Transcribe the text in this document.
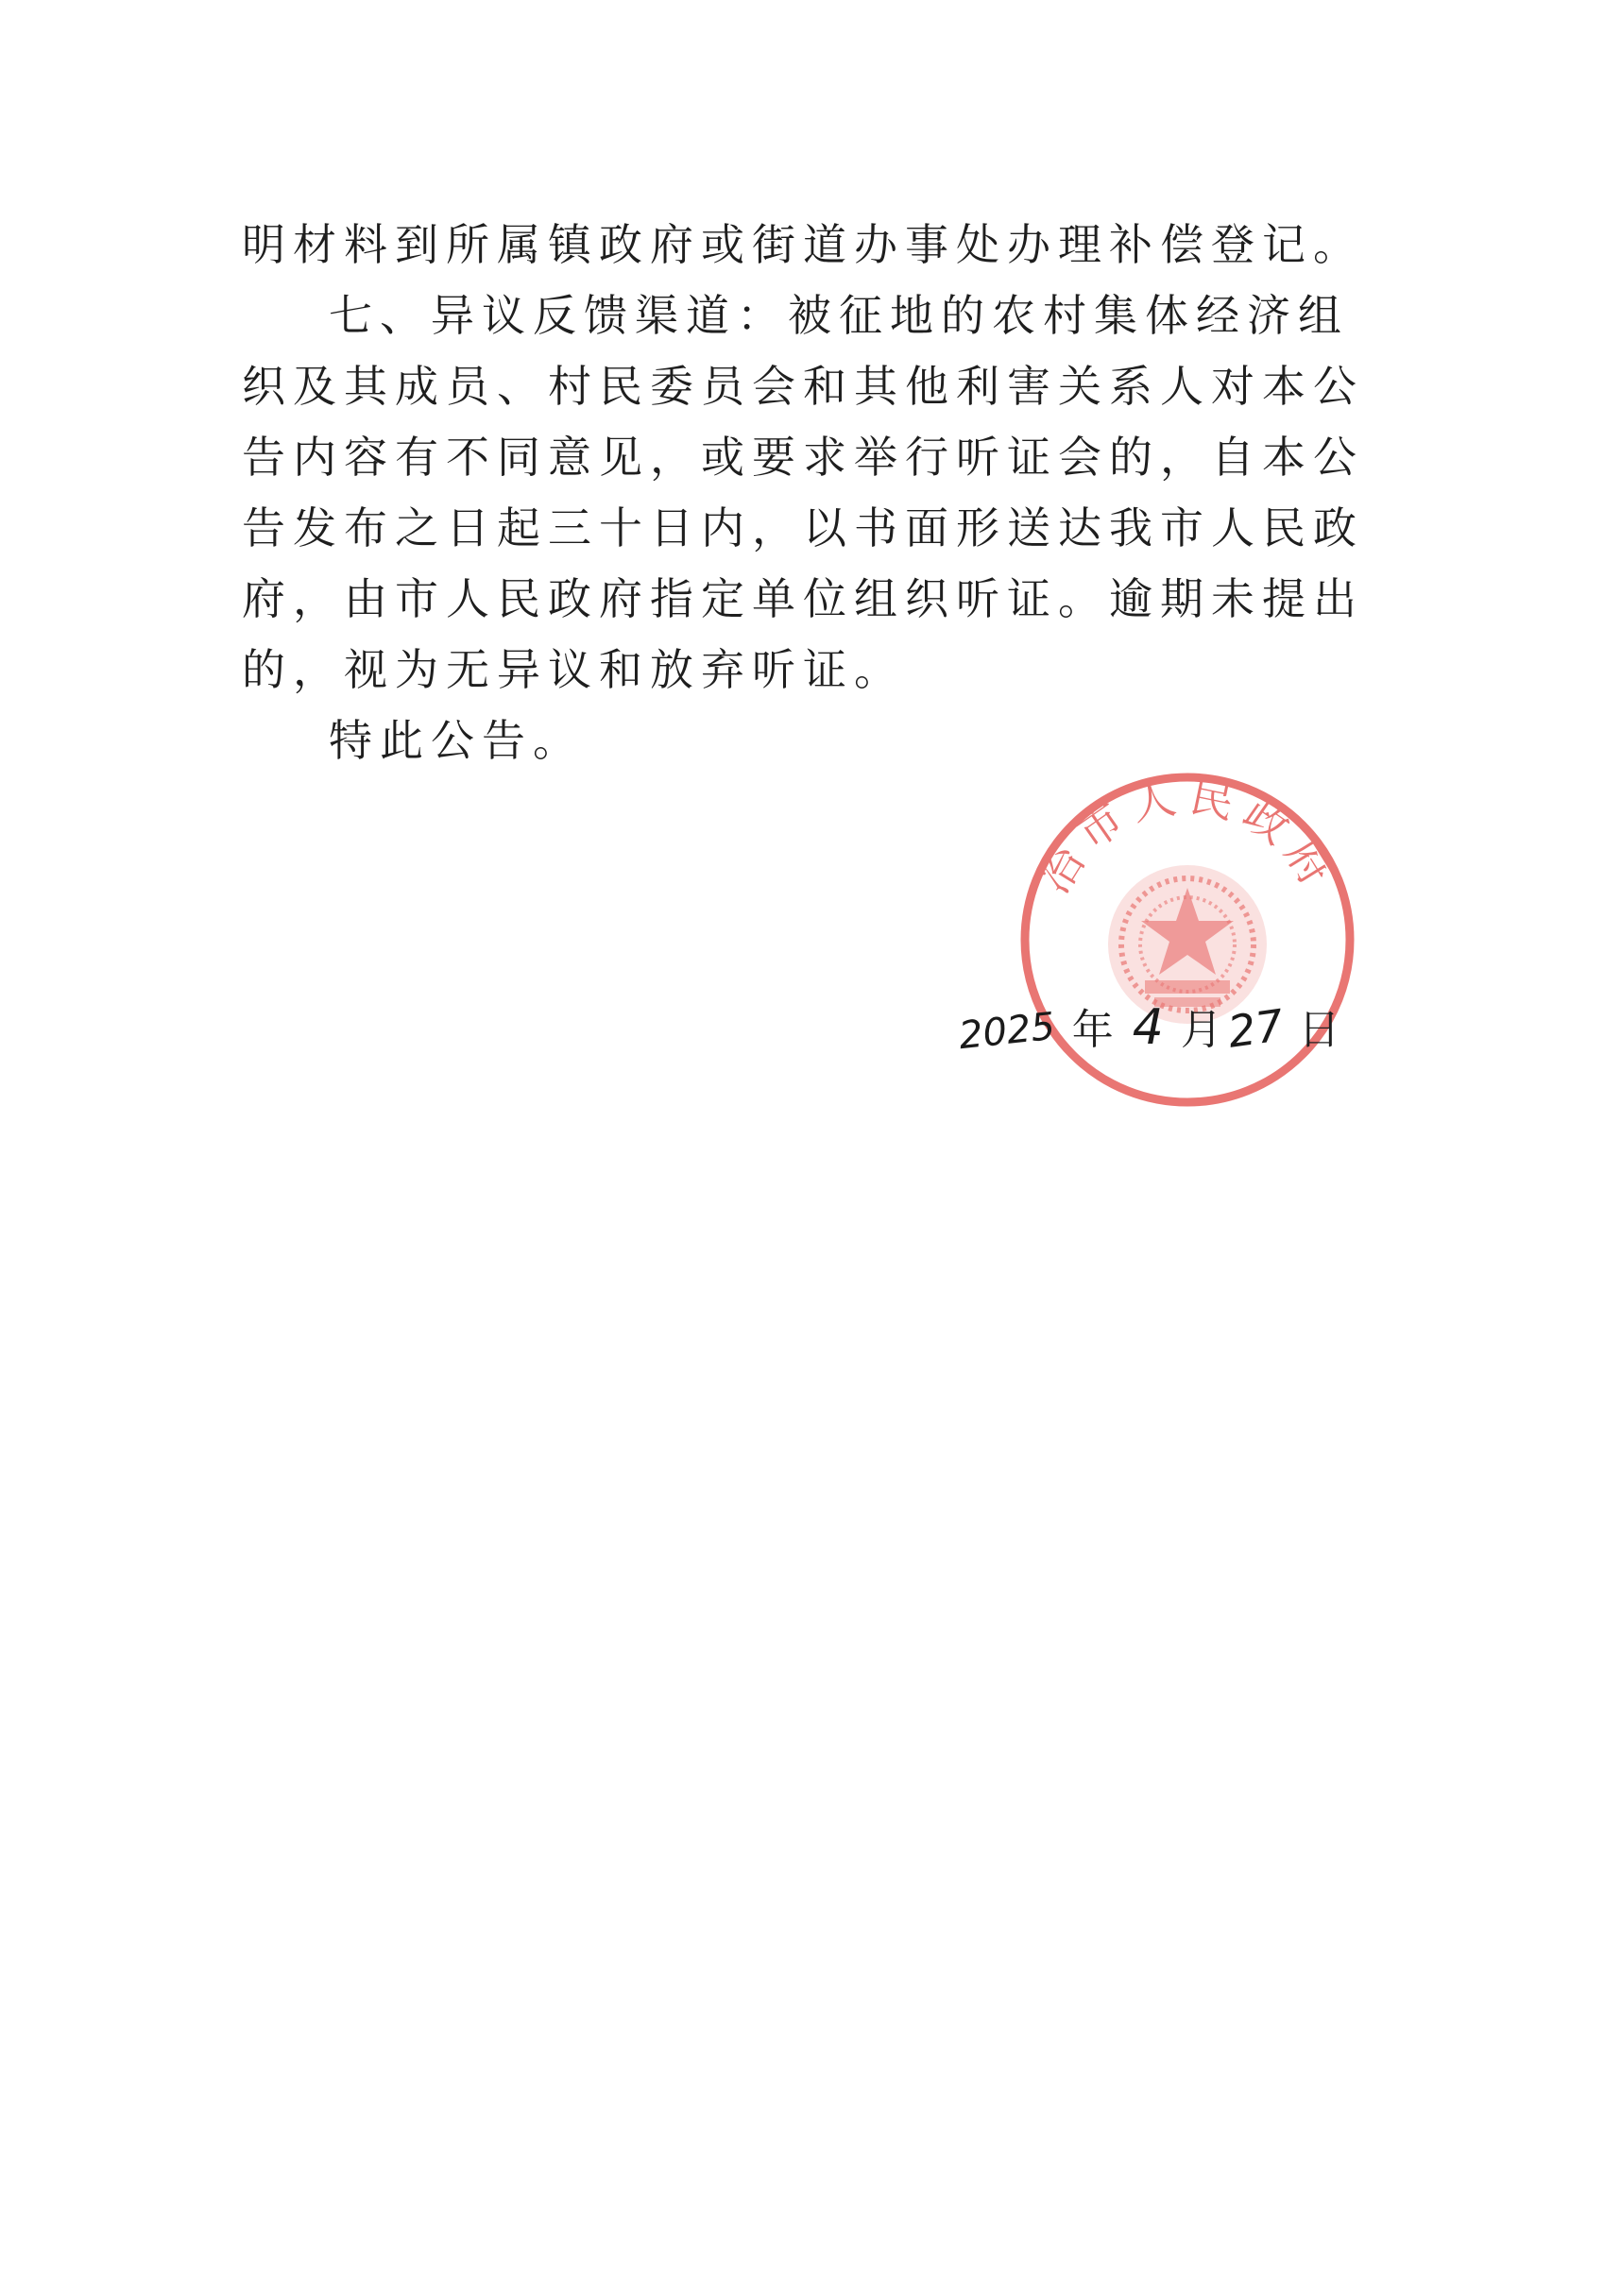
明材料到所属镇政府或街道办事处办理补偿登记。

七、异议反馈渠道：被征地的农村集体经济组织及其成员、村民委员会和其他利害关系人对本公告内容有不同意见，或要求举行听证会的，自本公告发布之日起三十日内，以书面形送达我市人民政府，由市人民政府指定单位组织听证。逾期未提出的，视为无异议和放弃听证。

特此公告。

冶市人民政府
2025 年 4 月27 日
